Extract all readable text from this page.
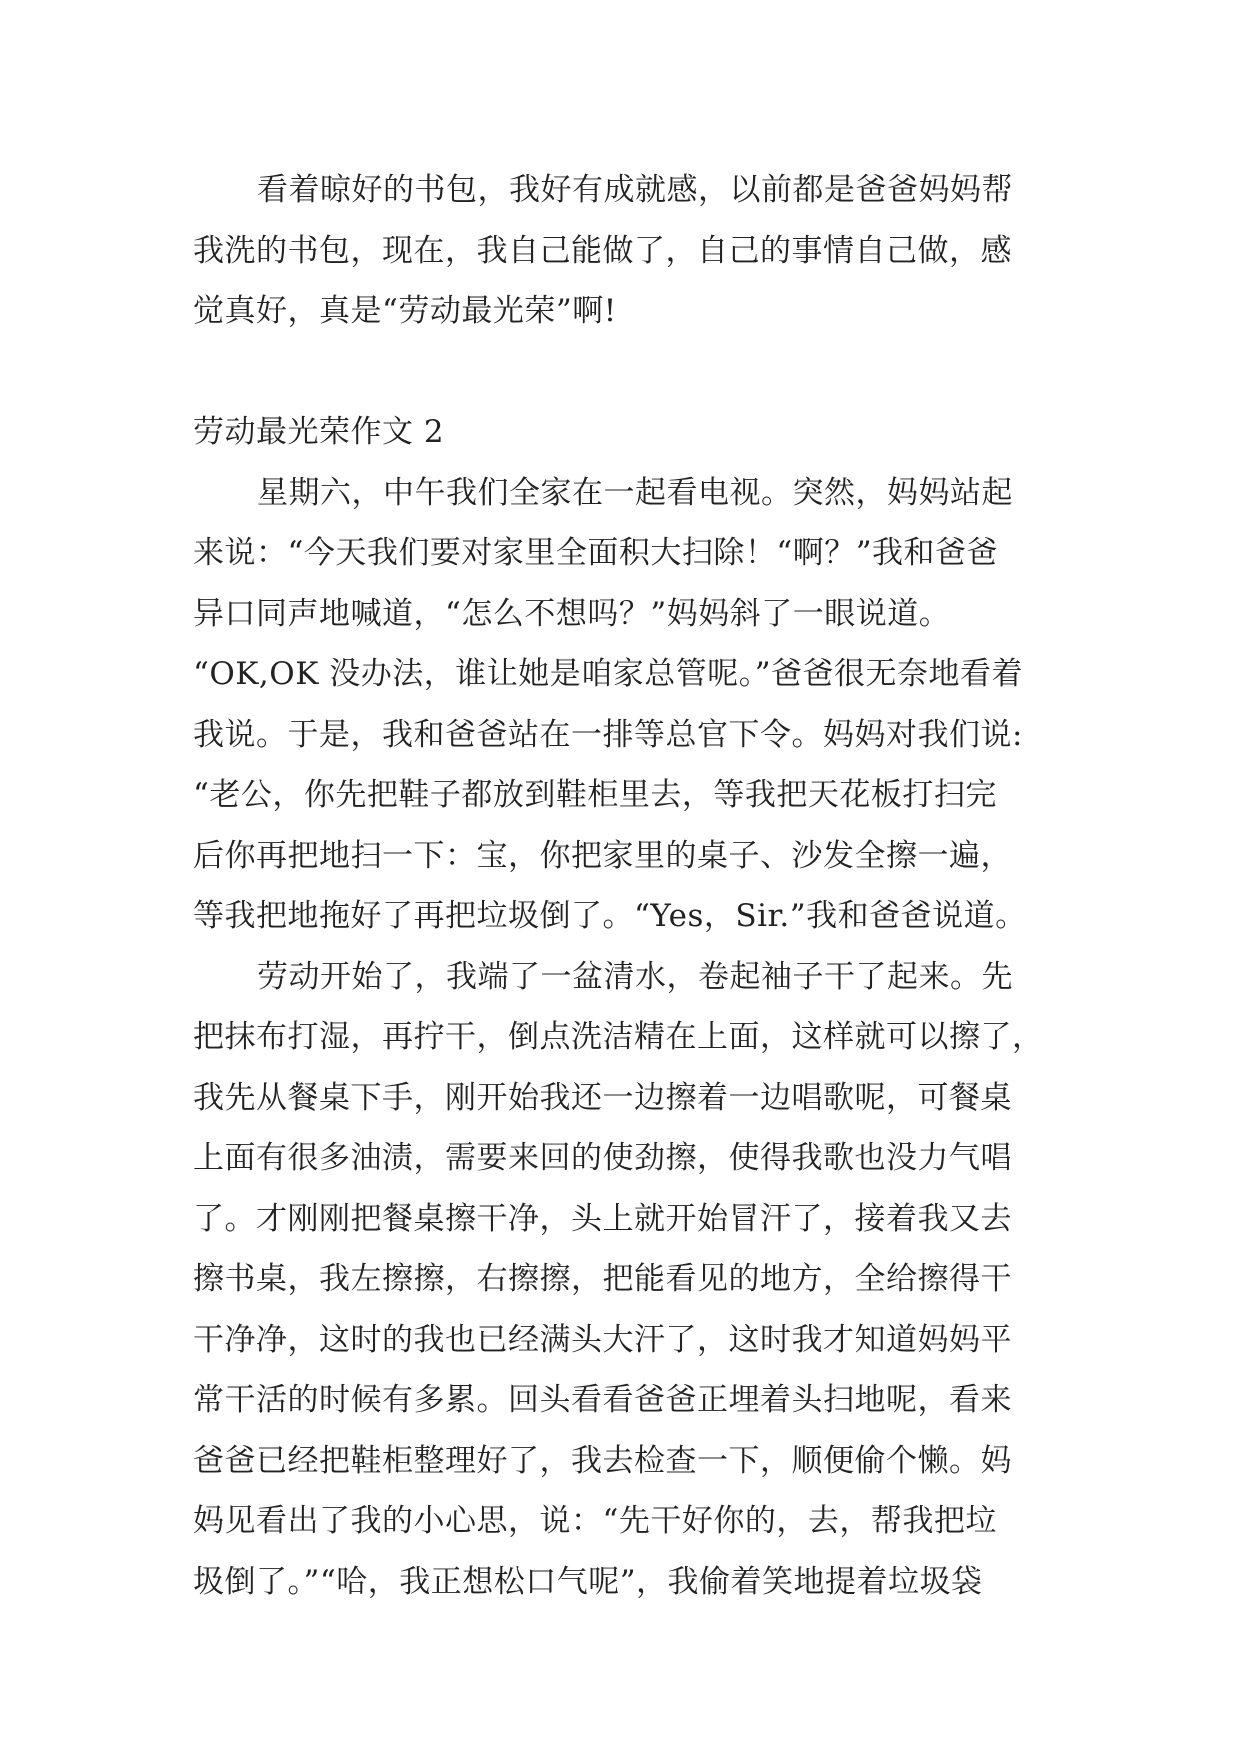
看着晾好的书包，我好有成就感，以前都是爸爸妈妈帮
我洗的书包，现在，我自己能做了，自己的事情自己做，感
觉真好，真是“劳动最光荣”啊!
劳动最光荣作文 2
星期六，中午我们全家在一起看电视。突然，妈妈站起
来说：“今天我们要对家里全面积大扫除！“啊？”我和爸爸
异口同声地喊道，“怎么不想吗？”妈妈斜了一眼说道。
“OK,OK 没办法，谁让她是咱家总管呢。”爸爸很无奈地看着
我说。于是，我和爸爸站在一排等总官下令。妈妈对我们说:
“老公，你先把鞋子都放到鞋柜里去，等我把天花板打扫完
后你再把地扫一下：宝，你把家里的桌子、沙发全擦一遍，
等我把地拖好了再把垃圾倒了。“Yes，Sir.”我和爸爸说道。
劳动开始了，我端了一盆清水，卷起袖子干了起来。先
把抹布打湿，再拧干，倒点洗洁精在上面，这样就可以擦了，
我先从餐桌下手，刚开始我还一边擦着一边唱歌呢，可餐桌
上面有很多油渍，需要来回的使劲擦，使得我歌也没力气唱
了。才刚刚把餐桌擦干净，头上就开始冒汗了，接着我又去
擦书桌，我左擦擦，右擦擦，把能看见的地方，全给擦得干
干净净，这时的我也已经满头大汗了，这时我才知道妈妈平
常干活的时候有多累。回头看看爸爸正埋着头扫地呢，看来
爸爸已经把鞋柜整理好了，我去检查一下，顺便偷个懒。妈
妈见看出了我的小心思，说：“先干好你的，去，帮我把垃
圾倒了。”“哈，我正想松口气呢”，我偷着笑地提着垃圾袋
